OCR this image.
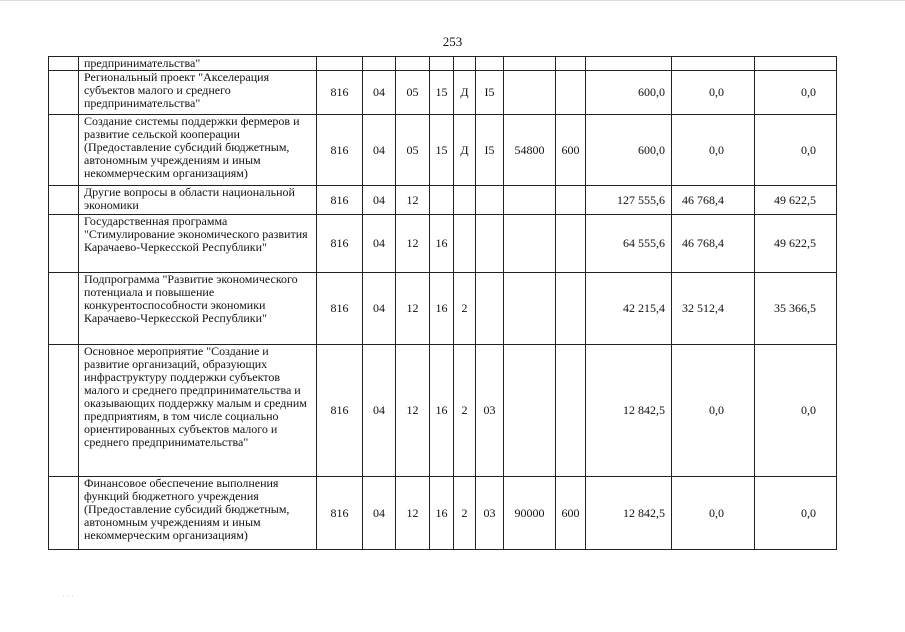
253
	предпринимательства"											
	Региональный проект "Акселерация субъектов малого и среднего предпринимательства"	816	04	05	15	Д	I5			600,0	0,0	0,0
	Создание системы поддержки фермеров и развитие сельской кооперации (Предоставление субсидий бюджетным, автономным учреждениям и иным некоммерческим организациям)	816	04	05	15	Д	I5	54800	600	600,0	0,0	0,0
	Другие вопросы в области национальной экономики	816	04	12						127 555,6	46 768,4	49 622,5
	Государственная программа "Стимулирование экономического развития Карачаево-Черкесской Республики"	816	04	12	16					64 555,6	46 768,4	49 622,5
	Подпрограмма "Развитие экономического потенциала и повышение конкурентоспособности экономики Карачаево-Черкесской Республики"	816	04	12	16	2				42 215,4	32 512,4	35 366,5
	Основное мероприятие "Создание и развитие организаций, образующих инфраструктуру поддержки субъектов малого и среднего предпринимательства и оказывающих поддержку малым и средним предприятиям, в том числе социально ориентированных субъектов малого и среднего предпринимательства"	816	04	12	16	2	03			12 842,5	0,0	0,0
	Финансовое обеспечение выполнения функций бюджетного учреждения (Предоставление субсидий бюджетным, автономным учреждениям и иным некоммерческим организациям)	816	04	12	16	2	03	90000	600	12 842,5	0,0	0,0
· · ·
